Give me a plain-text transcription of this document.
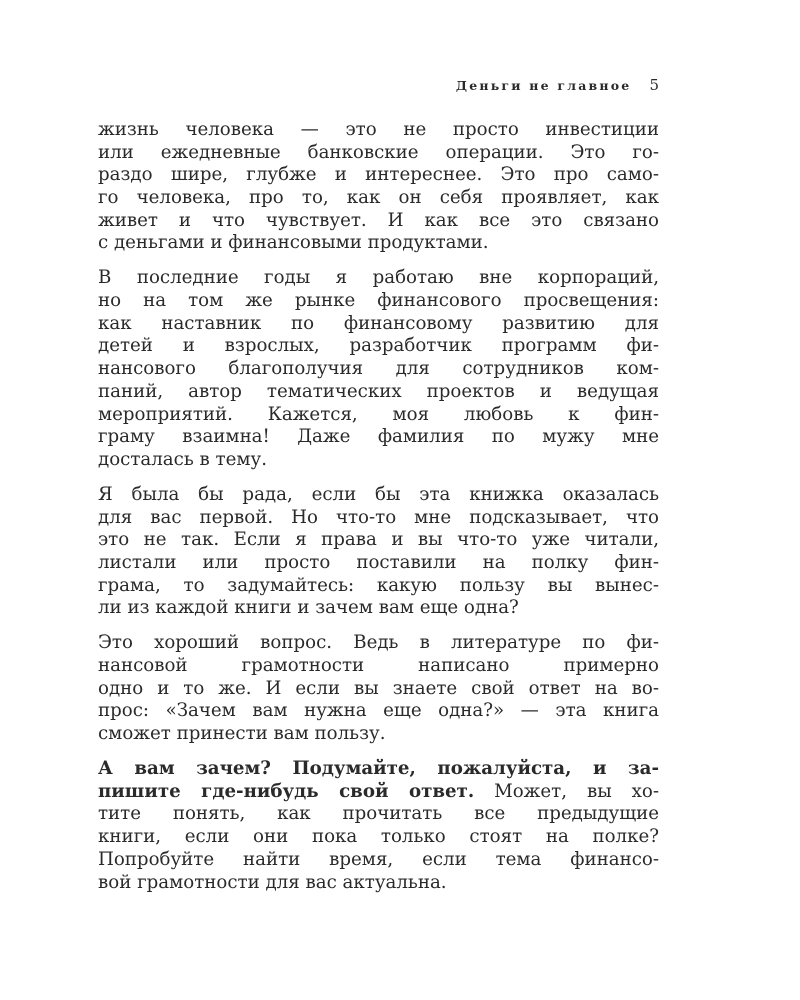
Деньги не главное 5
жизнь человека — это не просто инвестиции
или ежедневные банковские операции. Это го-
раздо шире, глубже и интереснее. Это про само-
го человека, про то, как он себя проявляет, как
живет и что чувствует. И как все это связано
с деньгами и финансовыми продуктами.
В последние годы я работаю вне корпораций,
но на том же рынке финансового просвещения:
как наставник по финансовому развитию для
детей и взрослых, разработчик программ фи-
нансового благополучия для сотрудников ком-
паний, автор тематических проектов и ведущая
мероприятий. Кажется, моя любовь к фин-
граму взаимна! Даже фамилия по мужу мне
досталась в тему.
Я была бы рада, если бы эта книжка оказалась
для вас первой. Но что-то мне подсказывает, что
это не так. Если я права и вы что-то уже читали,
листали или просто поставили на полку фин-
грама, то задумайтесь: какую пользу вы вынес-
ли из каждой книги и зачем вам еще одна?
Это хороший вопрос. Ведь в литературе по фи-
нансовой грамотности написано примерно
одно и то же. И если вы знаете свой ответ на во-
прос: «Зачем вам нужна еще одна?» — эта книга
сможет принести вам пользу.
А вам зачем? Подумайте, пожалуйста, и за-
пишите где-нибудь свой ответ. Может, вы хо-
тите понять, как прочитать все предыдущие
книги, если они пока только стоят на полке?
Попробуйте найти время, если тема финансо-
вой грамотности для вас актуальна.
